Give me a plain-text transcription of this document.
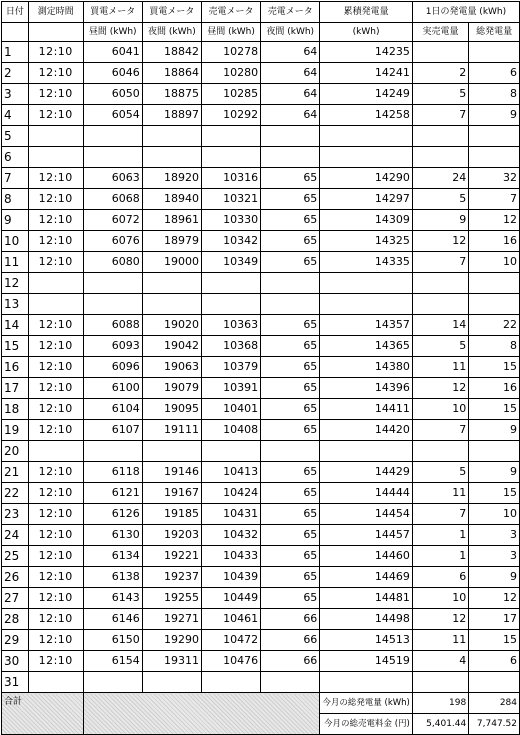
日付	測定時間	買電メータ	買電メータ	売電メータ	売電メータ	累積発電量	1日の発電量 (kWh)	
		昼間 (kWh)	夜間 (kWh)	昼間 (kWh)	夜間 (kWh)	(kWh)	実売電量	総発電量
1	12:10	6041	18842	10278	64	14235		
2	12:10	6046	18864	10280	64	14241	2	6
3	12:10	6050	18875	10285	64	14249	5	8
4	12:10	6054	18897	10292	64	14258	7	9
5								
6								
7	12:10	6063	18920	10316	65	14290	24	32
8	12:10	6068	18940	10321	65	14297	5	7
9	12:10	6072	18961	10330	65	14309	9	12
10	12:10	6076	18979	10342	65	14325	12	16
11	12:10	6080	19000	10349	65	14335	7	10
12								
13								
14	12:10	6088	19020	10363	65	14357	14	22
15	12:10	6093	19042	10368	65	14365	5	8
16	12:10	6096	19063	10379	65	14380	11	15
17	12:10	6100	19079	10391	65	14396	12	16
18	12:10	6104	19095	10401	65	14411	10	15
19	12:10	6107	19111	10408	65	14420	7	9
20								
21	12:10	6118	19146	10413	65	14429	5	9
22	12:10	6121	19167	10424	65	14444	11	15
23	12:10	6126	19185	10431	65	14454	7	10
24	12:10	6130	19203	10432	65	14457	1	3
25	12:10	6134	19221	10433	65	14460	1	3
26	12:10	6138	19237	10439	65	14469	6	9
27	12:10	6143	19255	10449	65	14481	10	12
28	12:10	6146	19271	10461	66	14498	12	17
29	12:10	6150	19290	10472	66	14513	11	15
30	12:10	6154	19311	10476	66	14519	4	6
31								
合計						今月の総発電量 (kWh)	198	284
						今月の総売電料金 (円)	5,401.44	7,747.52
